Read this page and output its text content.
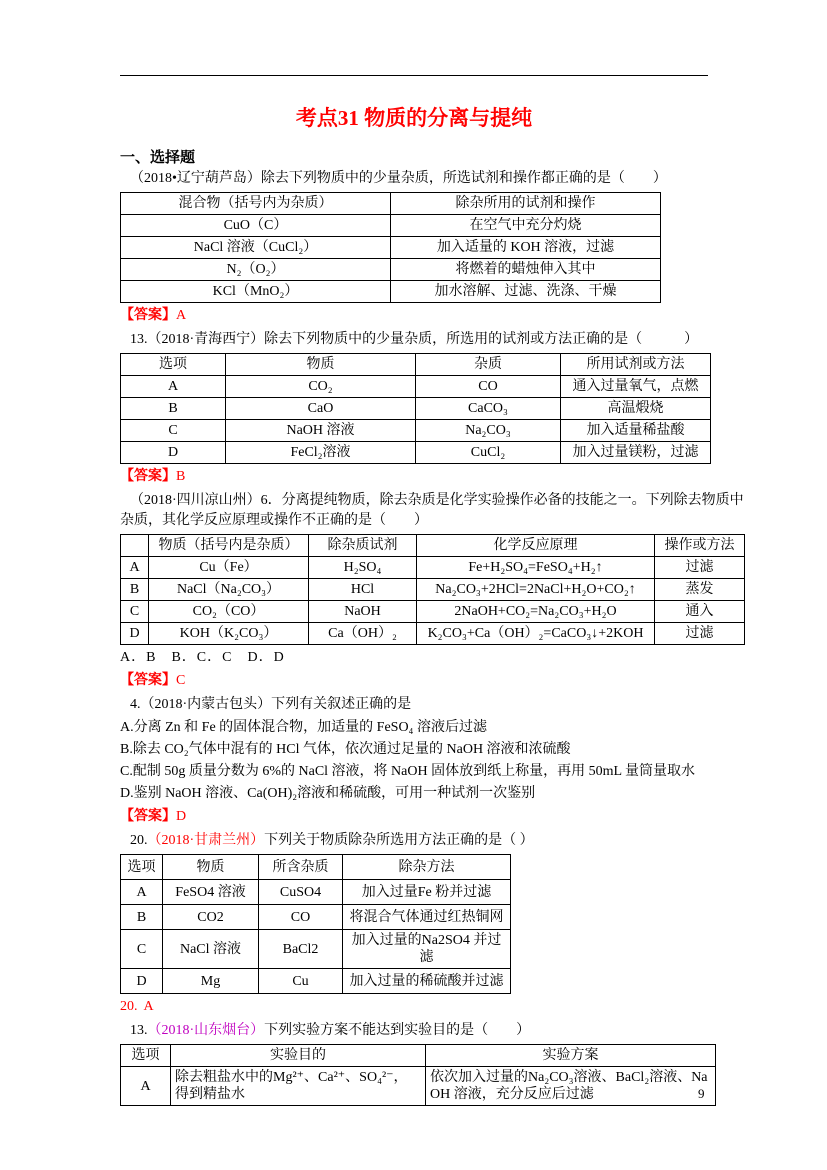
考点31 物质的分离与提纯

一、选择题

（2018•辽宁葫芦岛）除去下列物质中的少量杂质，所选试剂和操作都正确的是（　　）

混合物（括号内为杂质）	除杂所用的试剂和操作
CuO（C）	在空气中充分灼烧
NaCl 溶液（CuCl₂）	加入适量的 KOH 溶液，过滤
N₂（O₂）	将燃着的蜡烛伸入其中
KCl（MnO₂）	加水溶解、过滤、洗涤、干燥

【答案】A

13.（2018·青海西宁）除去下列物质中的少量杂质，所选用的试剂或方法正确的是（　　　）

选项	物质	杂质	所用试剂或方法
A	CO₂	CO	通入过量氧气，点燃
B	CaO	CaCO₃	高温煅烧
C	NaOH 溶液	Na₂CO₃	加入适量稀盐酸
D	FeCl₂溶液	CuCl₂	加入过量镁粉，过滤

【答案】B

（2018·四川凉山州）6．分离提纯物质，除去杂质是化学实验操作必备的技能之一。下列除去物质中杂质，其化学反应原理或操作不正确的是（　　）

	物质（括号内是杂质）	除杂质试剂	化学反应原理	操作或方法
A	Cu（Fe）	H₂SO₄	Fe+H₂SO₄=FeSO₄+H₂↑	过滤
B	NaCl（Na₂CO₃）	HCl	Na₂CO₃+2HCl=2NaCl+H₂O+CO₂↑	蒸发
C	CO₂（CO）	NaOH	2NaOH+CO₂=Na₂CO₃+H₂O	通入
D	KOH（K₂CO₃）	Ca（OH）₂	K₂CO₃+Ca（OH）₂=CaCO₃↓+2KOH	过滤

A．B　B．C．C　D．D

【答案】C

4.（2018·内蒙古包头）下列有关叙述正确的是

A.分离 Zn 和 Fe 的固体混合物，加适量的 FeSO₄ 溶液后过滤

B.除去 CO₂气体中混有的 HCl 气体，依次通过足量的 NaOH 溶液和浓硫酸

C.配制 50g 质量分数为 6%的 NaCl 溶液，将 NaOH 固体放到纸上称量，再用 50mL 量筒量取水

D.鉴别 NaOH 溶液、Ca(OH)₂溶液和稀硫酸，可用一种试剂一次鉴别

【答案】D

20.（2018·甘肃兰州）下列关于物质除杂所选用方法正确的是（ ）

选项	物质	所含杂质	除杂方法
A	FeSO4 溶液	CuSO4	加入过量Fe 粉并过滤
B	CO2	CO	将混合气体通过红热铜网
C	NaCl 溶液	BaCl2	加入过量的Na2SO4 并过滤
D	Mg	Cu	加入过量的稀硫酸并过滤

20. A

13.（2018·山东烟台）下列实验方案不能达到实验目的是（　　）

选项	实验目的	实验方案
A	除去粗盐水中的Mg²⁺、Ca²⁺、SO₄²⁻，得到精盐水	依次加入过量的Na₂CO₃溶液、BaCl₂溶液、NaOH 溶液，充分反应后过滤	9
